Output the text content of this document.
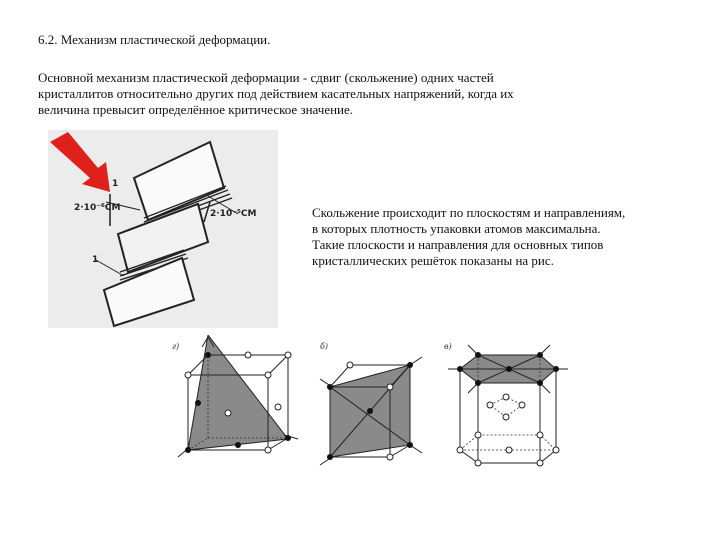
6.2. Механизм пластической деформации.
Основной механизм пластической деформации - сдвиг (скольжение) одних частей
кристаллитов относительно других под действием касательных напряжений, когда их
величина превысит определённое критическое значение.
2·10⁻⁶СМ
2·10⁻⁵СМ
1
1
Скольжение происходит по плоскостям и направлениям,
в которых плотность упаковки атомов максимальна.
Такие плоскости и направления для основных типов
кристаллических решёток показаны на рис.
г)	б)	в)
